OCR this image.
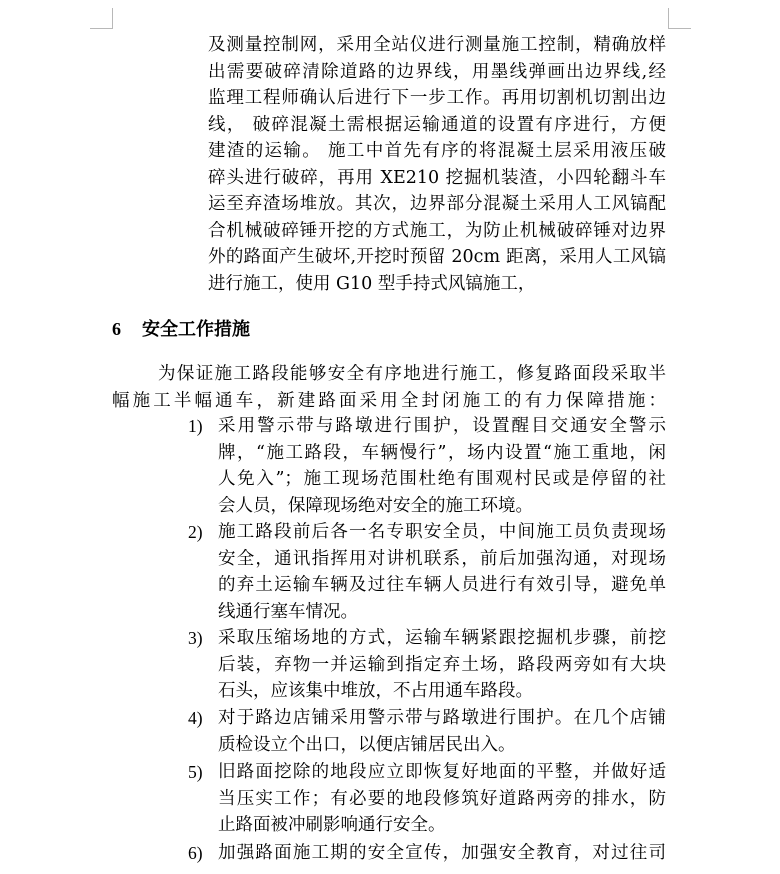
及测量控制网，采用全站仪进行测量施工控制，精确放样
出需要破碎清除道路的边界线，用墨线弹画出边界线,经
监理工程师确认后进行下一步工作。再用切割机切割出边
线， 破碎混凝土需根据运输通道的设置有序进行，方便
建渣的运输。 施工中首先有序的将混凝土层采用液压破
碎头进行破碎，再用 XE210 挖掘机装渣，小四轮翻斗车
运至弃渣场堆放。其次，边界部分混凝土采用人工风镐配
合机械破碎锤开挖的方式施工，为防止机械破碎锤对边界
外的路面产生破坏,开挖时预留 20cm 距离，采用人工风镐
进行施工，使用 G10 型手持式风镐施工，
6 安全工作措施
为保证施工路段能够安全有序地进行施工，修复路面段采取半
幅施工半幅通车，新建路面采用全封闭施工的有力保障措施：
1) 采用警示带与路墩进行围护，设置醒目交通安全警示
牌，“施工路段，车辆慢行”，场内设置“施工重地，闲
人免入”；施工现场范围杜绝有围观村民或是停留的社
会人员，保障现场绝对安全的施工环境。
2) 施工路段前后各一名专职安全员，中间施工员负责现场
安全，通讯指挥用对讲机联系，前后加强沟通，对现场
的弃土运输车辆及过往车辆人员进行有效引导，避免单
线通行塞车情况。
3) 采取压缩场地的方式，运输车辆紧跟挖掘机步骤，前挖
后装，弃物一并运输到指定弃土场，路段两旁如有大块
石头，应该集中堆放，不占用通车路段。
4) 对于路边店铺采用警示带与路墩进行围护。在几个店铺
质检设立个出口，以便店铺居民出入。
5) 旧路面挖除的地段应立即恢复好地面的平整，并做好适
当压实工作；有必要的地段修筑好道路两旁的排水，防
止路面被冲刷影响通行安全。
6) 加强路面施工期的安全宣传，加强安全教育，对过往司
